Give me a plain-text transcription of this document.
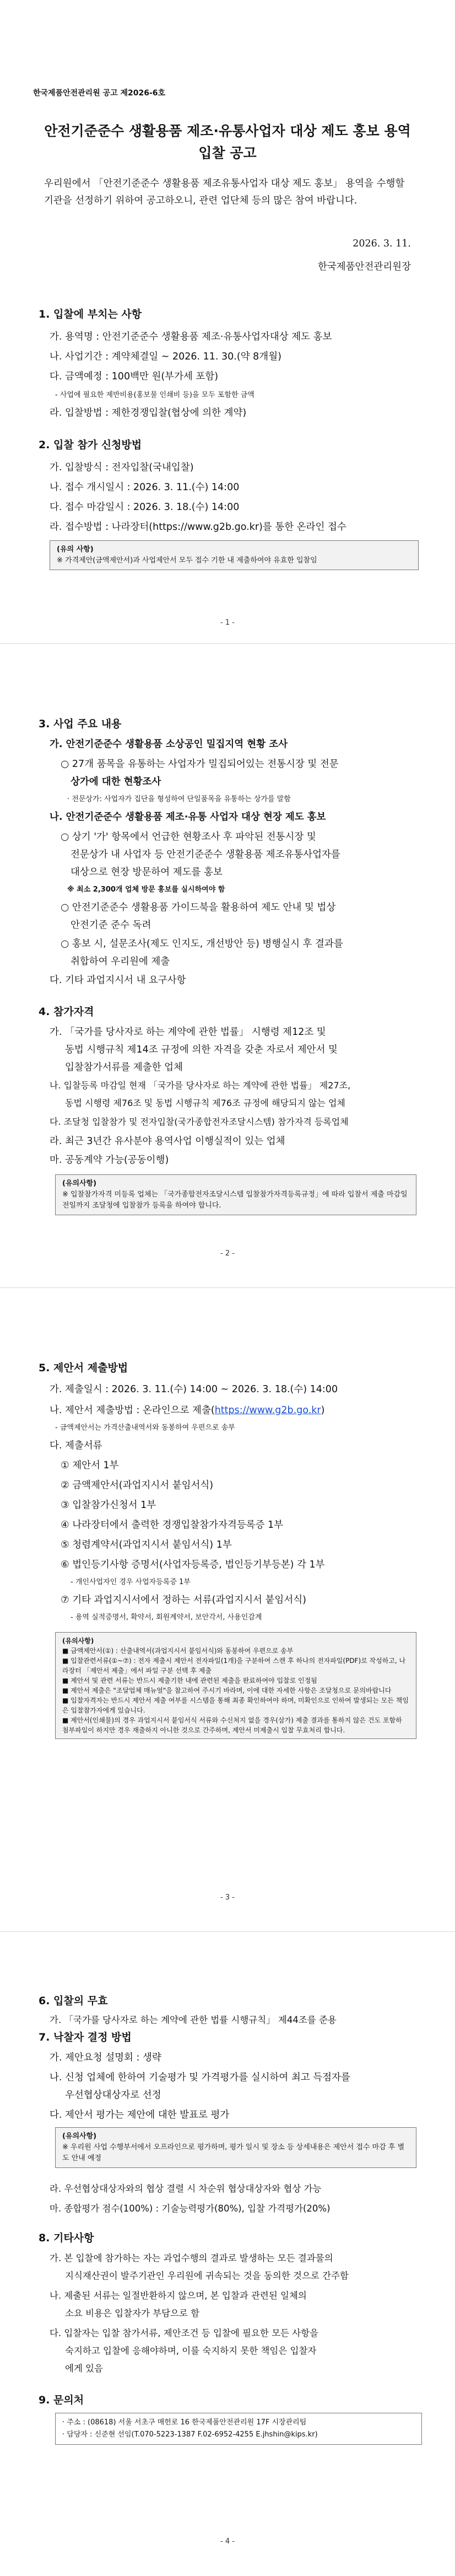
한국제품안전관리원 공고 제2026-6호
안전기준준수 생활용품 제조·유통사업자 대상 제도 홍보 용역
입찰 공고
우리원에서 「안전기준준수 생활용품 제조유통사업자 대상 제도 홍보」 용역을 수행할 기관을 선정하기 위하여 공고하오니, 관련 업단체 등의 많은 참여 바랍니다.
2026. 3. 11.
한국제품안전관리원장
1. 입찰에 부치는 사항
가. 용역명 : 안전기준준수 생활용품 제조·유통사업자대상 제도 홍보
나. 사업기간 : 계약체결일 ~ 2026. 11. 30.(약 8개월)
다. 금액예정 : 100백만 원(부가세 포함)
- 사업에 필요한 제반비용(홍보물 인쇄비 등)을 모두 포함한 금액
라. 입찰방법 : 제한경쟁입찰(협상에 의한 계약)
2. 입찰 참가 신청방법
가. 입찰방식 : 전자입찰(국내입찰)
나. 접수 개시일시 : 2026. 3. 11.(수) 14:00
다. 접수 마감일시 : 2026. 3. 18.(수) 14:00
라. 접수방법 : 나라장터(https://www.g2b.go.kr)를 통한 온라인 접수
(유의 사항)
※ 가격제안(금액제안서)과 사업제안서 모두 접수 기한 내 제출하여야 유효한 입찰임
- 1 -
3. 사업 주요 내용
가. 안전기준준수 생활용품 소상공인 밀집지역 현황 조사
○ 27개 품목을 유통하는 사업자가 밀집되어있는 전통시장 및 전문
상가에 대한 현황조사
· 전문상가: 사업자가 집단을 형성하여 단일품목을 유통하는 상가를 말함
나. 안전기준준수 생활용품 제조·유통 사업자 대상 현장 제도 홍보
○ 상기 '가' 항목에서 언급한 현황조사 후 파악된 전통시장 및
전문상가 내 사업자 등 안전기준준수 생활용품 제조유통사업자를
대상으로 현장 방문하여 제도를 홍보
※ 최소 2,300개 업체 방문 홍보를 실시하여야 함
○ 안전기준준수 생활용품 가이드북을 활용하여 제도 안내 및 법상
안전기준 준수 독려
○ 홍보 시, 설문조사(제도 인지도, 개선방안 등) 병행실시 후 결과를
취합하여 우리원에 제출
다. 기타 과업지시서 내 요구사항
4. 참가자격
가. 「국가를 당사자로 하는 계약에 관한 법률」 시행령 제12조 및
동법 시행규칙 제14조 규정에 의한 자격을 갖춘 자로서 제안서 및
입찰참가서류를 제출한 업체
나. 입찰등록 마감일 현재 「국가를 당사자로 하는 계약에 관한 법률」 제27조,
동법 시행령 제76조 및 동법 시행규칙 제76조 규정에 해당되지 않는 업체
다. 조달청 입찰참가 및 전자입찰(국가종합전자조달시스템) 참가자격 등록업체
라. 최근 3년간 유사분야 용역사업 이행실적이 있는 업체
마. 공동계약 가능(공동이행)
(유의사항)
※ 입찰참가자격 미등록 업체는 「국가종합전자조달시스템 입찰참가자격등록규정」에 따라 입찰서 제출 마감일 전일까지 조달청에 입찰참가 등록을 하여야 합니다.
- 2 -
5. 제안서 제출방법
가. 제출일시 : 2026. 3. 11.(수) 14:00 ~ 2026. 3. 18.(수) 14:00
나. 제안서 제출방법 : 온라인으로 제출(https://www.g2b.go.kr)
- 금액제안서는 가격산출내역서와 동봉하여 우편으로 송부
다. 제출서류
① 제안서 1부
② 금액제안서(과업지시서 붙임서식)
③ 입찰참가신청서 1부
④ 나라장터에서 출력한 경쟁입찰참가자격등록증 1부
⑤ 청렴계약서(과업지시서 붙임서식) 1부
⑥ 법인등기사항 증명서(사업자등록증, 법인등기부등본) 각 1부
- 개인사업자인 경우 사업자등록증 1부
⑦ 기타 과업지시서에서 정하는 서류(과업지시서 붙임서식)
- 용역 실적증명서, 확약서, 회원계약서, 보안각서, 사용인감계
(유의사항)
■ 금액제안서(①) : 산출내역서(과업지시서 붙임서식)와 동봉하여 우편으로 송부
■ 입찰관련서류(①~⑦) : 전자 제출시 제안서 전자파일(1개)을 구분하여 스캔 후 하나의 전자파일(PDF)로 작성하고, 나라장터 「제안서 제출」에서 파일 구분 선택 후 제출
■ 제안서 및 관련 서류는 반드시 제출기한 내에 관련된 제출을 완료하여야 입찰로 인정됨
■ 제안서 제출은 "조달업체 매뉴얼"을 참고하여 주시기 바라며, 이에 대한 자세한 사항은 조달청으로 문의바랍니다
■ 입찰자격자는 반드시 제안서 제출 여부를 시스템을 통해 최종 확인하여야 하며, 미확인으로 인하여 발생되는 모든 책임은 입찰참가자에게 있습니다.
■ 제안서(인쇄물)의 경우 과업지시서 붙임서식 서류와 수신처지 없을 경우(삼가) 제출 결과를 통하지 않은 건도 포함하 첨부파일이 하지만 경우 재출하지 아니한 것으로 간주하며, 제안서 미제출시 입찰 무효처리 합니다.
- 3 -
6. 입찰의 무효
가. 「국가를 당사자로 하는 계약에 관한 법률 시행규칙」 제44조를 준용
7. 낙찰자 결정 방법
가. 제안요청 설명회 : 생략
나. 신청 업체에 한하여 기술평가 및 가격평가를 실시하여 최고 득점자를
우선협상대상자로 선정
다. 제안서 평가는 제안에 대한 발표로 평가
(유의사항)
※ 우리원 사업 수행부서에서 오프라인으로 평가하며, 평가 일시 및 장소 등 상세내용은 제안서 접수 마감 후 별도 안내 예정
라. 우선협상대상자와의 협상 결렬 시 차순위 협상대상자와 협상 가능
마. 종합평가 점수(100%) : 기술능력평가(80%), 입찰 가격평가(20%)
8. 기타사항
가. 본 입찰에 참가하는 자는 과업수행의 결과로 발생하는 모든 결과물의
지식재산권이 발주기관인 우리원에 귀속되는 것을 동의한 것으로 간주함
나. 제출된 서류는 일절반환하지 않으며, 본 입찰과 관련된 일체의
소요 비용은 입찰자가 부담으로 함
다. 입찰자는 입찰 참가서류, 제안조건 등 입찰에 필요한 모든 사항을
숙지하고 입찰에 응해야하며, 이를 숙지하지 못한 책임은 입찰자
에게 있음
9. 문의처
· 주소 : (08618) 서울 서초구 매헌로 16 한국제품안전관리원 17F 시장관리팀
· 담당자 : 신준현 선임(T.070-5223-1387 F.02-6952-4255 E.jhshin@kips.kr)
- 4 -
